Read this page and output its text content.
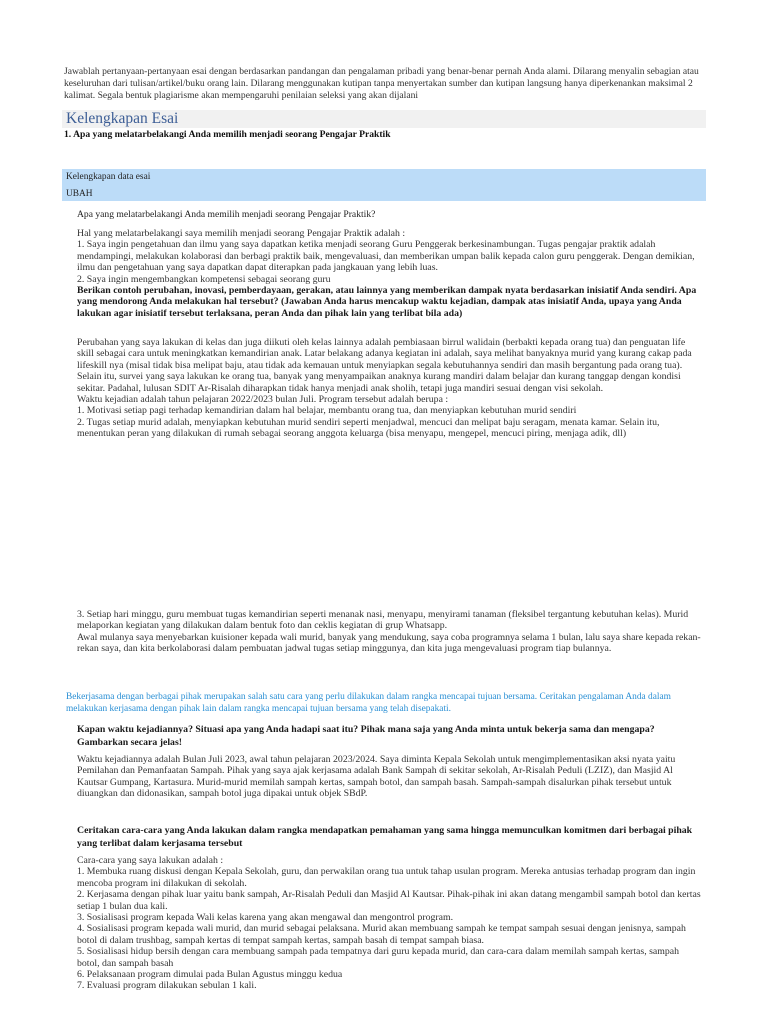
Jawablah pertanyaan-pertanyaan esai dengan berdasarkan pandangan dan pengalaman pribadi yang benar-benar pernah Anda alami. Dilarang menyalin sebagian atau keseluruhan dari tulisan/artikel/buku orang lain. Dilarang menggunakan kutipan tanpa menyertakan sumber dan kutipan langsung hanya diperkenankan maksimal 2 kalimat. Segala bentuk plagiarisme akan mempengaruhi penilaian seleksi yang akan dijalani
Kelengkapan Esai
1. Apa yang melatarbelakangi Anda memilih menjadi seorang Pengajar Praktik
Kelengkapan data esai
UBAH
Apa yang melatarbelakangi Anda memilih menjadi seorang Pengajar Praktik?
Hal yang melatarbelakangi saya memilih menjadi seorang Pengajar Praktik adalah :
1. Saya ingin pengetahuan dan ilmu yang saya dapatkan ketika menjadi seorang Guru Penggerak berkesinambungan. Tugas pengajar praktik adalah mendampingi, melakukan kolaborasi dan berbagi praktik baik, mengevaluasi, dan memberikan umpan balik kepada calon guru penggerak. Dengan demikian, ilmu dan pengetahuan yang saya dapatkan dapat diterapkan pada jangkauan yang lebih luas.
2. Saya ingin mengembangkan kompetensi sebagai seorang guru
Berikan contoh perubahan, inovasi, pemberdayaan, gerakan, atau lainnya yang memberikan dampak nyata berdasarkan inisiatif Anda sendiri. Apa yang mendorong Anda melakukan hal tersebut? (Jawaban Anda harus mencakup waktu kejadian, dampak atas inisiatif Anda, upaya yang Anda lakukan agar inisiatif tersebut terlaksana, peran Anda dan pihak lain yang terlibat bila ada)
Perubahan yang saya lakukan di kelas dan juga diikuti oleh kelas lainnya adalah pembiasaan birrul walidain (berbakti kepada orang tua) dan penguatan life skill sebagai cara untuk meningkatkan kemandirian anak. Latar belakang adanya kegiatan ini adalah, saya melihat banyaknya murid yang kurang cakap pada lifeskill nya (misal tidak bisa melipat baju, atau tidak ada kemauan untuk menyiapkan segala kebutuhannya sendiri dan masih bergantung pada orang tua). Selain itu, survei yang saya lakukan ke orang tua, banyak yang menyampaikan anaknya kurang mandiri dalam belajar dan kurang tanggap dengan kondisi sekitar. Padahal, lulusan SDIT Ar-Risalah diharapkan tidak hanya menjadi anak sholih, tetapi juga mandiri sesuai dengan visi sekolah.
Waktu kejadian adalah tahun pelajaran 2022/2023 bulan Juli. Program tersebut adalah berupa :
1. Motivasi setiap pagi terhadap kemandirian dalam hal belajar, membantu orang tua, dan menyiapkan kebutuhan murid sendiri
2. Tugas setiap murid adalah, menyiapkan kebutuhan murid sendiri seperti menjadwal, mencuci dan melipat baju seragam, menata kamar. Selain itu, menentukan peran yang dilakukan di rumah sebagai seorang anggota keluarga (bisa menyapu, mengepel, mencuci piring, menjaga adik, dll)
3. Setiap hari minggu, guru membuat tugas kemandirian seperti menanak nasi, menyapu, menyirami tanaman (fleksibel tergantung kebutuhan kelas). Murid melaporkan kegiatan yang dilakukan dalam bentuk foto dan ceklis kegiatan di grup Whatsapp.
Awal mulanya saya menyebarkan kuisioner kepada wali murid, banyak yang mendukung, saya coba programnya selama 1 bulan, lalu saya share kepada rekan-rekan saya, dan kita berkolaborasi dalam pembuatan jadwal tugas setiap minggunya, dan kita juga mengevaluasi program tiap bulannya.
Bekerjasama dengan berbagai pihak merupakan salah satu cara yang perlu dilakukan dalam rangka mencapai tujuan bersama. Ceritakan pengalaman Anda dalam melakukan kerjasama dengan pihak lain dalam rangka mencapai tujuan bersama yang telah disepakati.
Kapan waktu kejadiannya? Situasi apa yang Anda hadapi saat itu? Pihak mana saja yang Anda minta untuk bekerja sama dan mengapa? Gambarkan secara jelas!
Waktu kejadiannya adalah Bulan Juli 2023, awal tahun pelajaran 2023/2024. Saya diminta Kepala Sekolah untuk mengimplementasikan aksi nyata yaitu Pemilahan dan Pemanfaatan Sampah. Pihak yang saya ajak kerjasama adalah Bank Sampah di sekitar sekolah, Ar-Risalah Peduli (LZIZ), dan Masjid Al Kautsar Gumpang, Kartasura. Murid-murid memilah sampah kertas, sampah botol, dan sampah basah. Sampah-sampah disalurkan pihak tersebut untuk diuangkan dan didonasikan, sampah botol juga dipakai untuk objek SBdP.
Ceritakan cara-cara yang Anda lakukan dalam rangka mendapatkan pemahaman yang sama hingga memunculkan komitmen dari berbagai pihak yang terlibat dalam kerjasama tersebut
Cara-cara yang saya lakukan adalah :
1. Membuka ruang diskusi dengan Kepala Sekolah, guru, dan perwakilan orang tua untuk tahap usulan program. Mereka antusias terhadap program dan ingin mencoba program ini dilakukan di sekolah.
2. Kerjasama dengan pihak luar yaitu bank sampah, Ar-Risalah Peduli dan Masjid Al Kautsar. Pihak-pihak ini akan datang mengambil sampah botol dan kertas setiap 1 bulan dua kali.
3. Sosialisasi program kepada Wali kelas karena yang akan mengawal dan mengontrol program.
4. Sosialisasi program kepada wali murid, dan murid sebagai pelaksana. Murid akan membuang sampah ke tempat sampah sesuai dengan jenisnya, sampah botol di dalam trushbag, sampah kertas di tempat sampah kertas, sampah basah di tempat sampah biasa.
5. Sosialisasi hidup bersih dengan cara membuang sampah pada tempatnya dari guru kepada murid, dan cara-cara dalam memilah sampah kertas, sampah botol, dan sampah basah
6. Pelaksanaan program dimulai pada Bulan Agustus minggu kedua
7. Evaluasi program dilakukan sebulan 1 kali.
